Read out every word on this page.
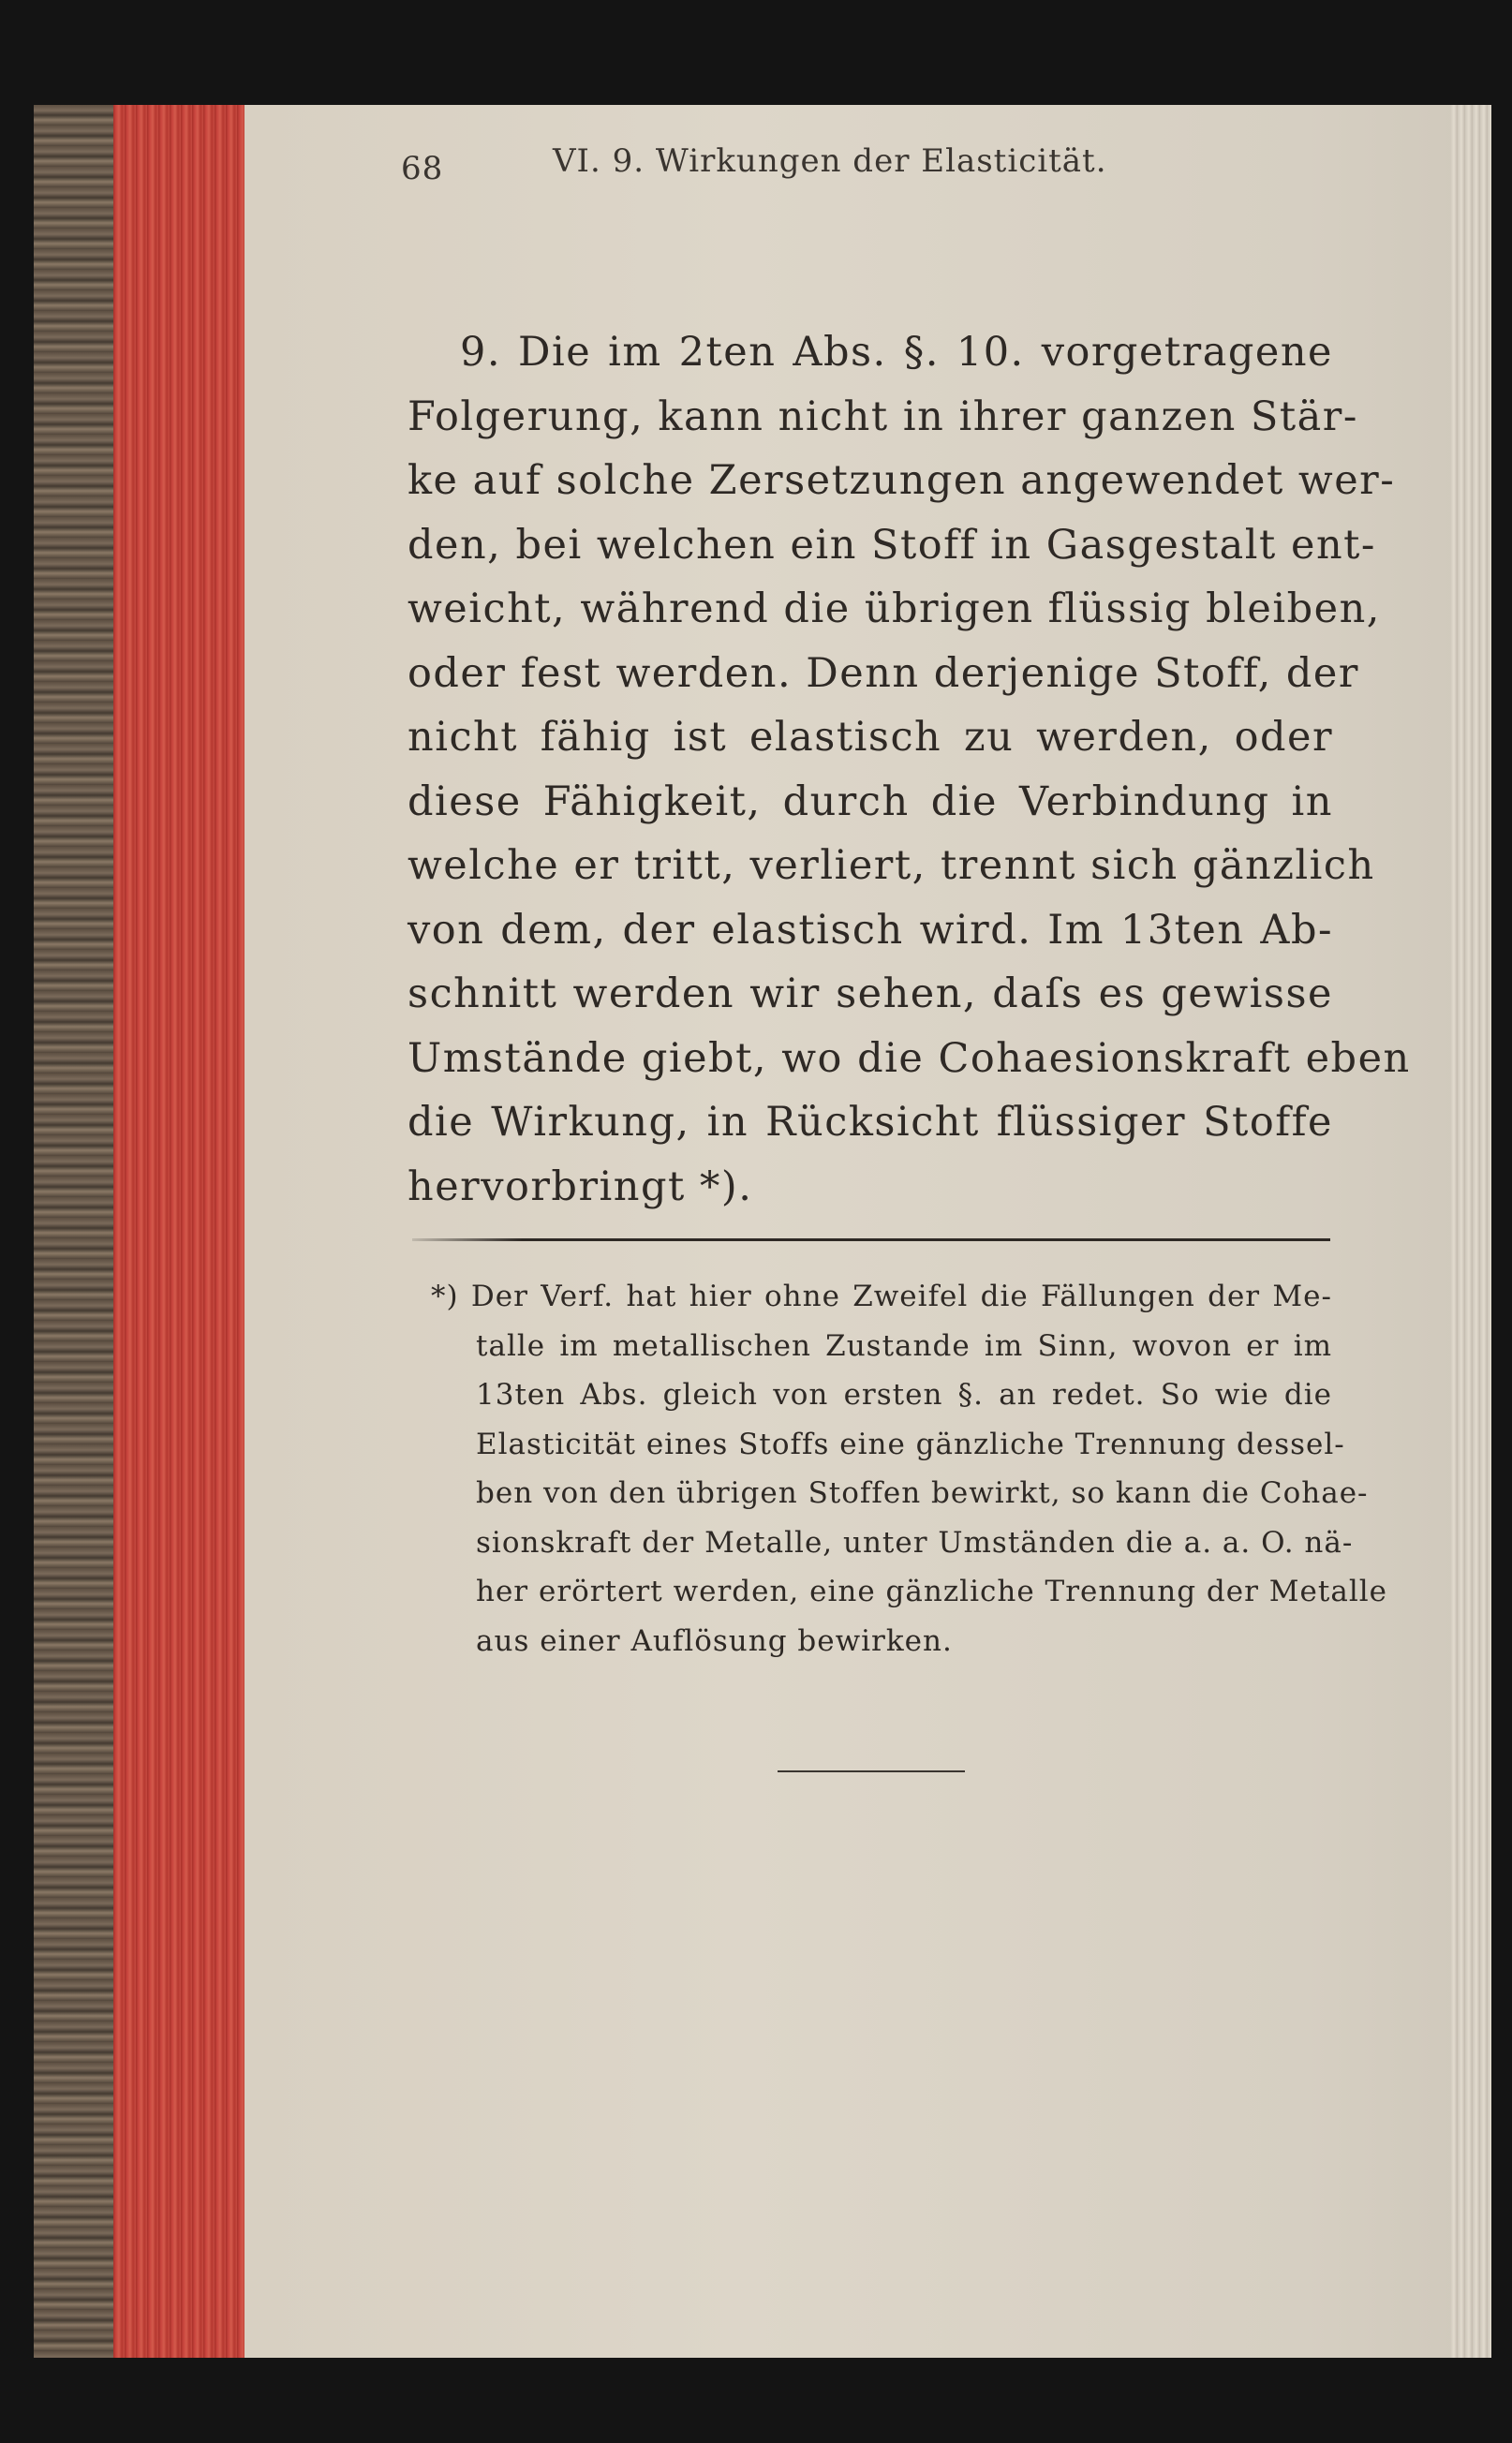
68	VI. 9. Wirkungen der Elasticität.
9. Die im 2ten Abs. §. 10. vorgetragene
Folgerung, kann nicht in ihrer ganzen Stär-
ke auf solche Zersetzungen angewendet wer-
den, bei welchen ein Stoff in Gasgestalt ent-
weicht, während die übrigen flüssig bleiben,
oder fest werden. Denn derjenige Stoff, der
nicht fähig ist elastisch zu werden, oder
diese Fähigkeit, durch die Verbindung in
welche er tritt, verliert, trennt sich gänzlich
von dem, der elastisch wird. Im 13ten Ab-
schnitt werden wir sehen, daſs es gewisse
Umstände giebt, wo die Cohaesionskraft eben
die Wirkung, in Rücksicht flüssiger Stoffe
hervorbringt *).
*) Der Verf. hat hier ohne Zweifel die Fällungen der Me-
talle im metallischen Zustande im Sinn, wovon er im
13ten Abs. gleich von ersten §. an redet. So wie die
Elasticität eines Stoffs eine gänzliche Trennung dessel-
ben von den übrigen Stoffen bewirkt, so kann die Cohae-
sionskraft der Metalle, unter Umständen die a. a. O. nä-
her erörtert werden, eine gänzliche Trennung der Metalle
aus einer Auflösung bewirken.
